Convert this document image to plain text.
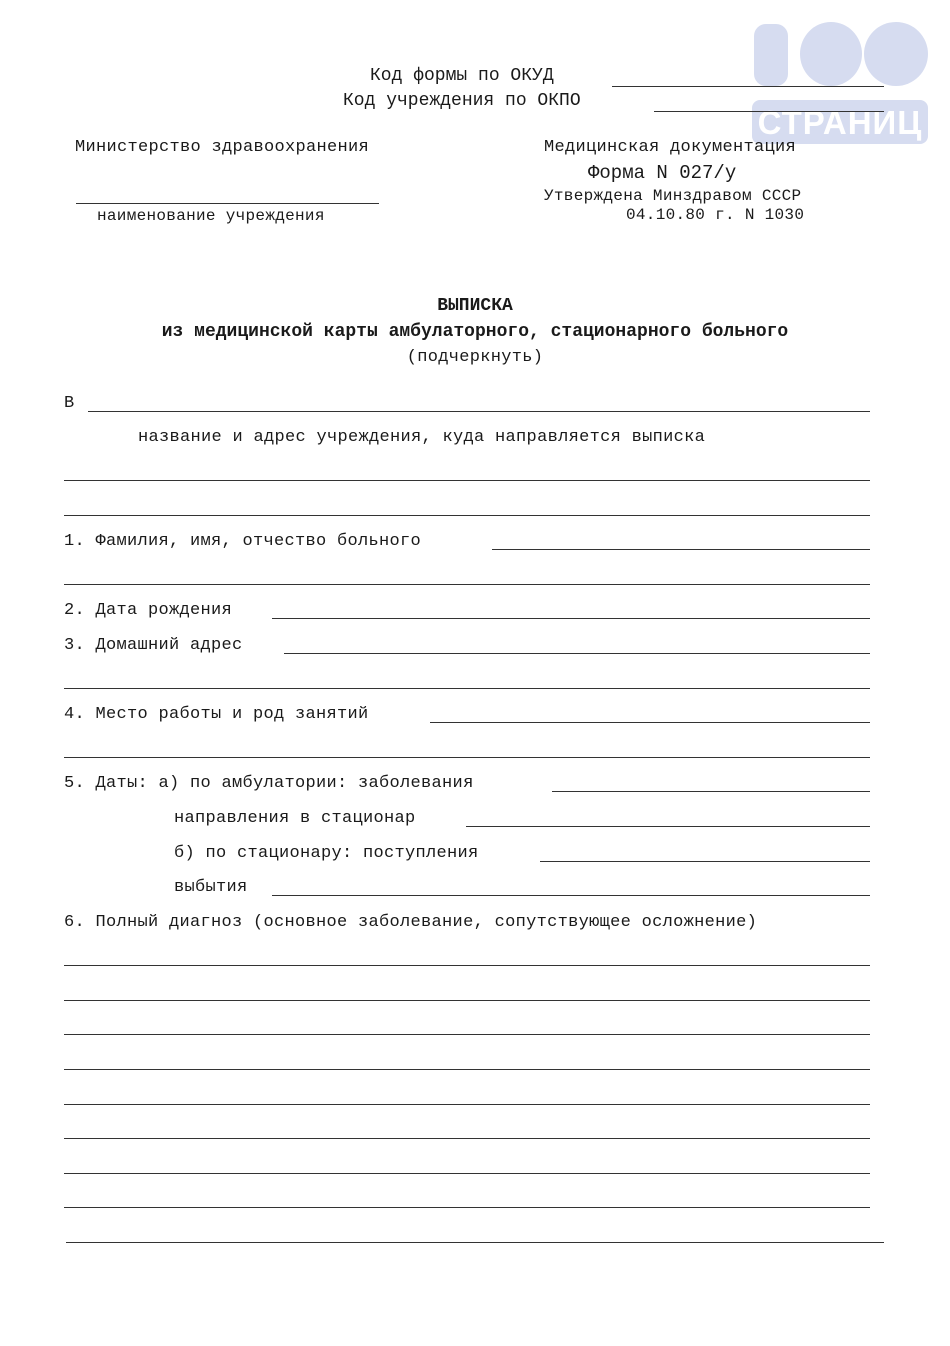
СТРАНИЦ
Код формы по ОКУД
Код учреждения по ОКПО
Министерство здравоохранения
наименование учреждения
Медицинская документация
Форма N 027/у
Утверждена Минздравом СССР
04.10.80 г. N 1030
ВЫПИСКА
из медицинской карты амбулаторного, стационарного больного
(подчеркнуть)
В
название и адрес учреждения, куда направляется выписка
1. Фамилия, имя, отчество больного
2. Дата рождения
3. Домашний адрес
4. Место работы и род занятий
5. Даты: а) по амбулатории: заболевания
направления в стационар
б) по стационару: поступления
выбытия
6. Полный диагноз (основное заболевание, сопутствующее осложнение)
